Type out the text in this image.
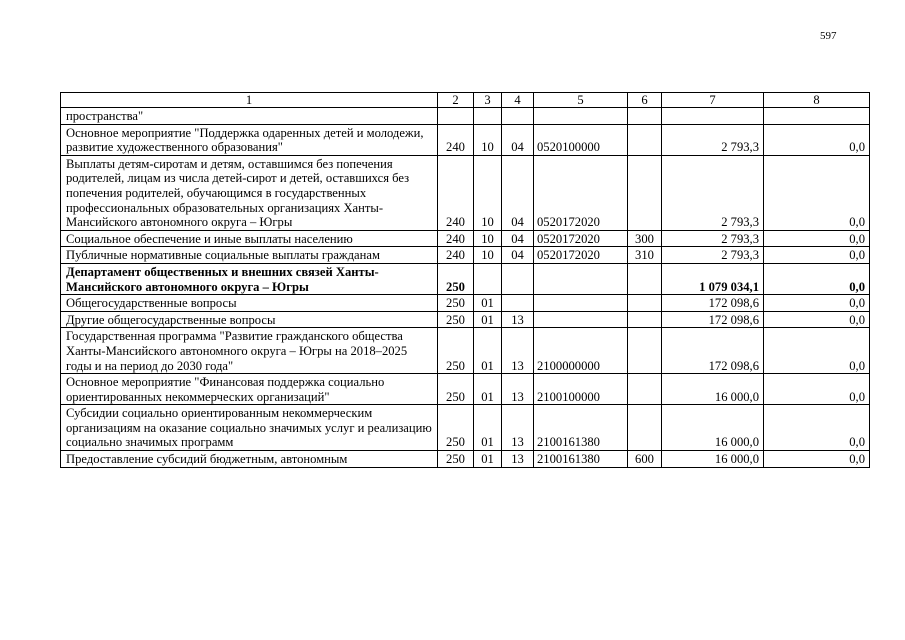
597
1	2	3	4	5	6	7	8
пространства"							
Основное мероприятие "Поддержка одаренных детей и молодежи, развитие художественного образования"	240	10	04	0520100000		2 793,3	0,0
Выплаты детям-сиротам и детям, оставшимся без попечения родителей, лицам из числа детей-сирот и детей, оставшихся без попечения родителей, обучающимся в государственных профессиональных образовательных организациях Ханты-Мансийского автономного округа – Югры	240	10	04	0520172020		2 793,3	0,0
Социальное обеспечение и иные выплаты населению	240	10	04	0520172020	300	2 793,3	0,0
Публичные нормативные социальные выплаты гражданам	240	10	04	0520172020	310	2 793,3	0,0
Департамент общественных и внешних связей Ханты-Мансийского автономного округа – Югры	250					1 079 034,1	0,0
Общегосударственные вопросы	250	01				172 098,6	0,0
Другие общегосударственные вопросы	250	01	13			172 098,6	0,0
Государственная программа "Развитие гражданского общества Ханты-Мансийского автономного округа – Югры на 2018–2025 годы и на период до 2030 года"	250	01	13	2100000000		172 098,6	0,0
Основное мероприятие "Финансовая поддержка социально ориентированных некоммерческих организаций"	250	01	13	2100100000		16 000,0	0,0
Субсидии социально ориентированным некоммерческим организациям на оказание социально значимых услуг и реализацию социально значимых программ	250	01	13	2100161380		16 000,0	0,0
Предоставление субсидий бюджетным, автономным	250	01	13	2100161380	600	16 000,0	0,0
